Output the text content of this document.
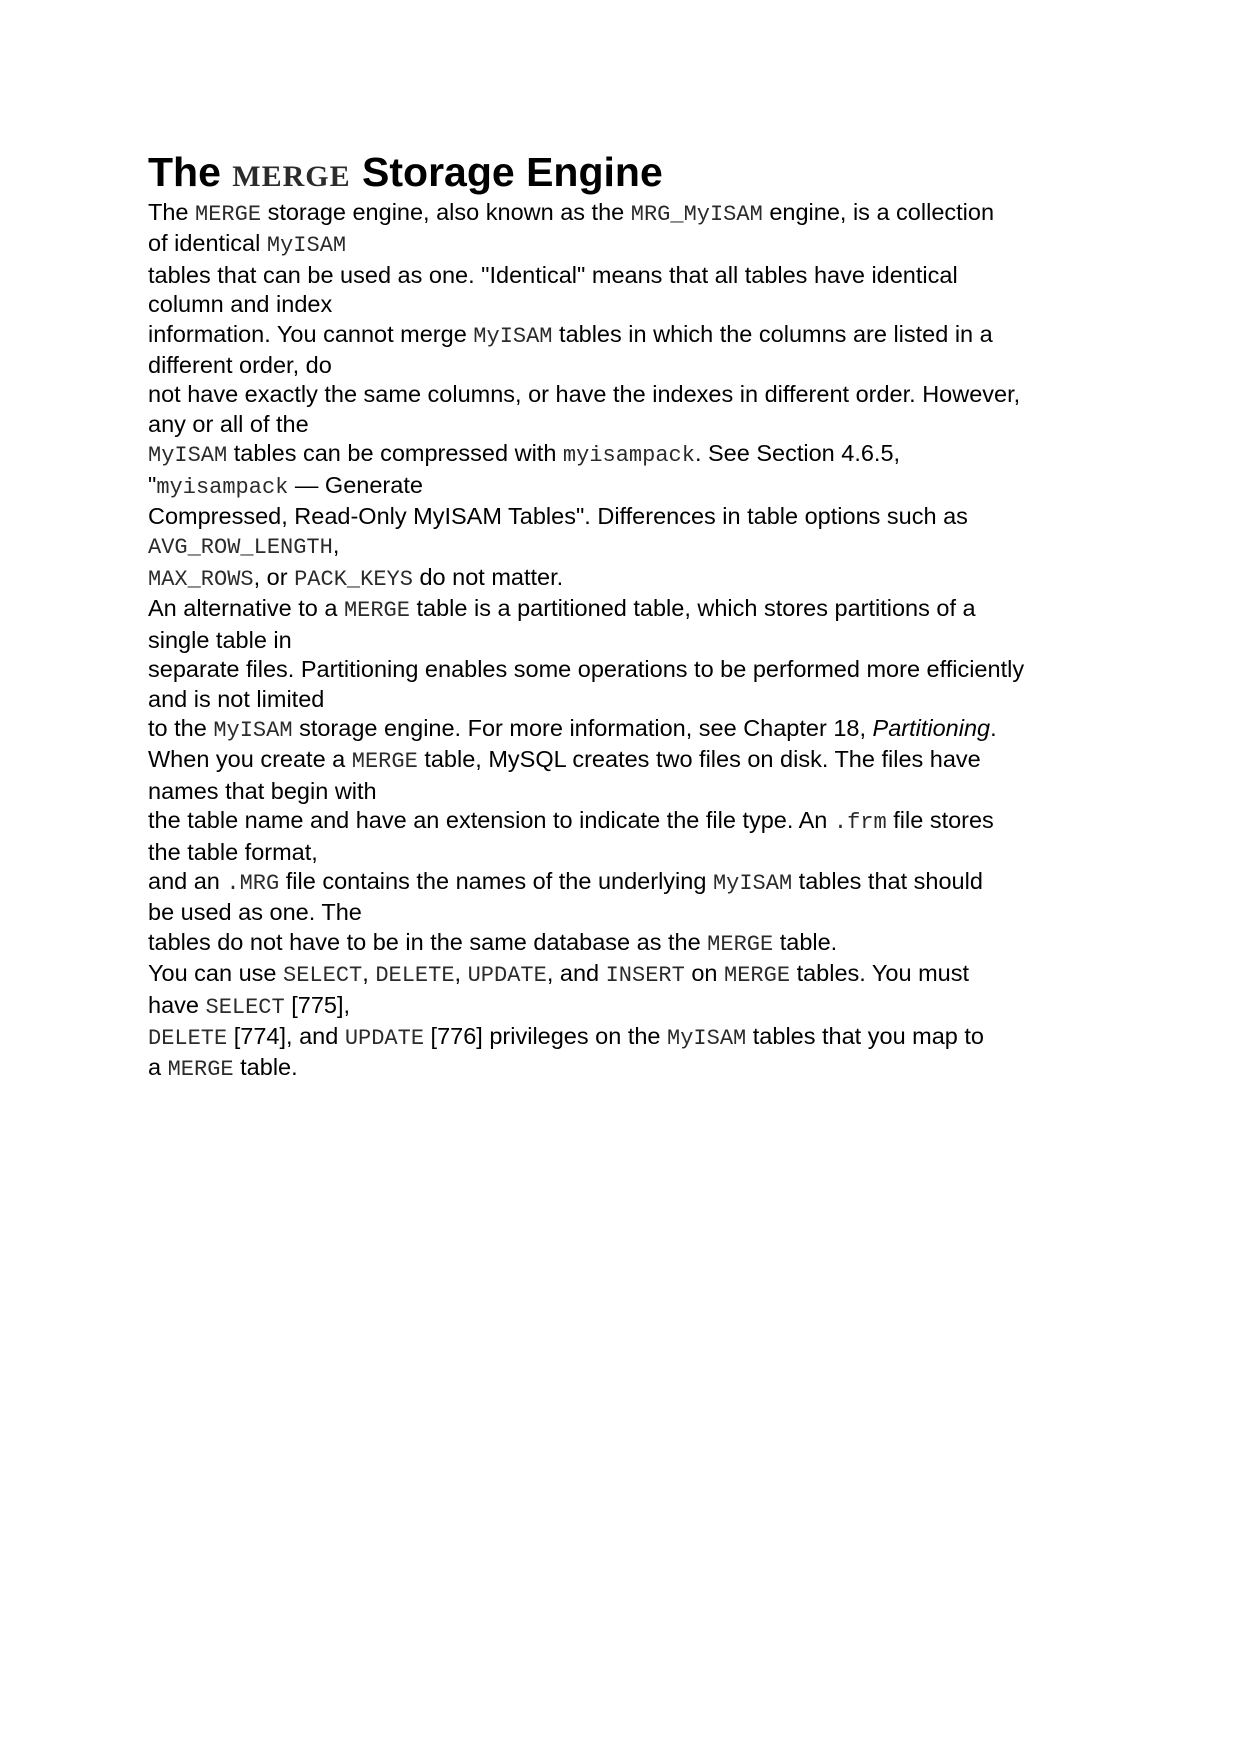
The MERGE Storage Engine
The MERGE storage engine, also known as the MRG_MyISAM engine, is a collection
of identical MyISAM
tables that can be used as one. "Identical" means that all tables have identical
column and index
information. You cannot merge MyISAM tables in which the columns are listed in a
different order, do
not have exactly the same columns, or have the indexes in different order. However,
any or all of the
MyISAM tables can be compressed with myisampack. See Section 4.6.5,
"myisampack — Generate
Compressed, Read-Only MyISAM Tables". Differences in table options such as
AVG_ROW_LENGTH,
MAX_ROWS, or PACK_KEYS do not matter.
An alternative to a MERGE table is a partitioned table, which stores partitions of a
single table in
separate files. Partitioning enables some operations to be performed more efficiently
and is not limited
to the MyISAM storage engine. For more information, see Chapter 18, Partitioning.
When you create a MERGE table, MySQL creates two files on disk. The files have
names that begin with
the table name and have an extension to indicate the file type. An .frm file stores
the table format,
and an .MRG file contains the names of the underlying MyISAM tables that should
be used as one. The
tables do not have to be in the same database as the MERGE table.
You can use SELECT, DELETE, UPDATE, and INSERT on MERGE tables. You must
have SELECT [775],
DELETE [774], and UPDATE [776] privileges on the MyISAM tables that you map to
a MERGE table.
